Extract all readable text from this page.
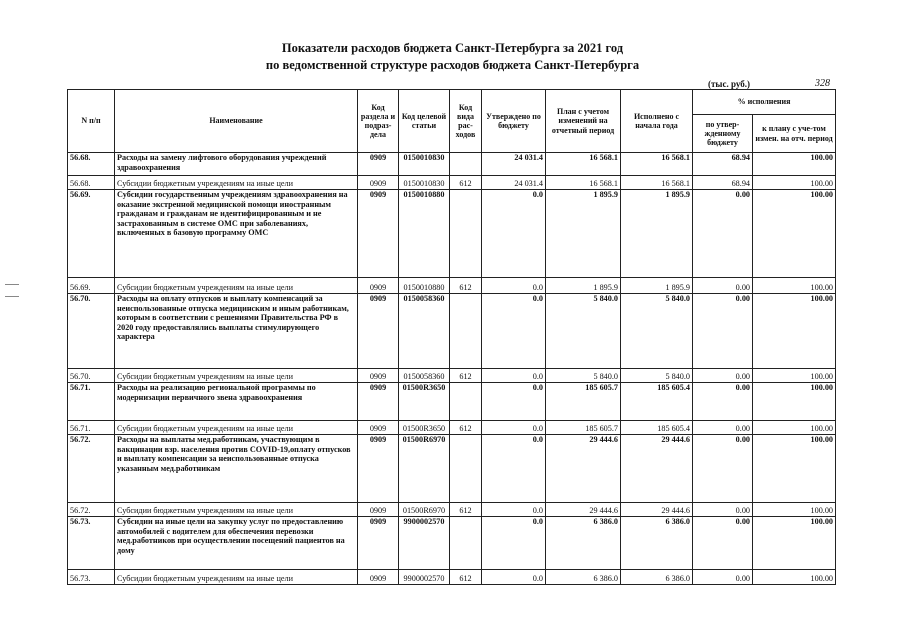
Показатели расходов бюджета Санкт-Петербурга за 2021 год
по ведомственной структуре расходов бюджета Санкт-Петербурга
(тыс. руб.)	328
N п/п	Наименование	Код раздела и подраз-дела	Код целевой статьи	Код вида рас-ходов	Утверждено по бюджету	План с учетом изменений на отчетный период	Исполнено с начала года	% исполнения	
								по утвер-жденному бюджету	к плану с уче-том измен. на отч. период
56.68.	Расходы на замену лифтового оборудования учреждений здравоохранения	0909	0150010830		24 031.4	16 568.1	16 568.1	68.94	100.00
56.68.	Субсидии бюджетным учреждениям на иные цели	0909	0150010830	612	24 031.4	16 568.1	16 568.1	68.94	100.00
56.69.	Субсидии государственным учреждениям здравоохранения на оказание экстренной медицинской помощи иностранным гражданам и гражданам не идентифицированным и не застрахованным в системе ОМС при заболеваниях, включенных в базовую программу ОМС	0909	0150010880		0.0	1 895.9	1 895.9	0.00	100.00
56.69.	Субсидии бюджетным учреждениям на иные цели	0909	0150010880	612	0.0	1 895.9	1 895.9	0.00	100.00
56.70.	Расходы на оплату отпусков и выплату компенсаций за неиспользованные отпуска медицинским и иным работникам, которым в соответствии с решениями Правительства РФ в 2020 году предоставлялись выплаты стимулирующего характера	0909	0150058360		0.0	5 840.0	5 840.0	0.00	100.00
56.70.	Субсидии бюджетным учреждениям на иные цели	0909	0150058360	612	0.0	5 840.0	5 840.0	0.00	100.00
56.71.	Расходы на реализацию региональной программы по модернизации первичного звена здравоохранения	0909	01500R3650		0.0	185 605.7	185 605.4	0.00	100.00
56.71.	Субсидии бюджетным учреждениям на иные цели	0909	01500R3650	612	0.0	185 605.7	185 605.4	0.00	100.00
56.72.	Расходы на выплаты мед.работникам, участвующим в вакцинации взр. населения против COVID-19,оплату отпусков и выплату компенсации за неиспользованные отпуска указанным мед.работникам	0909	01500R6970		0.0	29 444.6	29 444.6	0.00	100.00
56.72.	Субсидии бюджетным учреждениям на иные цели	0909	01500R6970	612	0.0	29 444.6	29 444.6	0.00	100.00
56.73.	Субсидии на иные цели на закупку услуг по предоставлению автомобилей с водителем для обеспечения перевозки мед.работников при осуществлении посещений пациентов на дому	0909	9900002570		0.0	6 386.0	6 386.0	0.00	100.00
56.73.	Субсидии бюджетным учреждениям на иные цели	0909	9900002570	612	0.0	6 386.0	6 386.0	0.00	100.00
